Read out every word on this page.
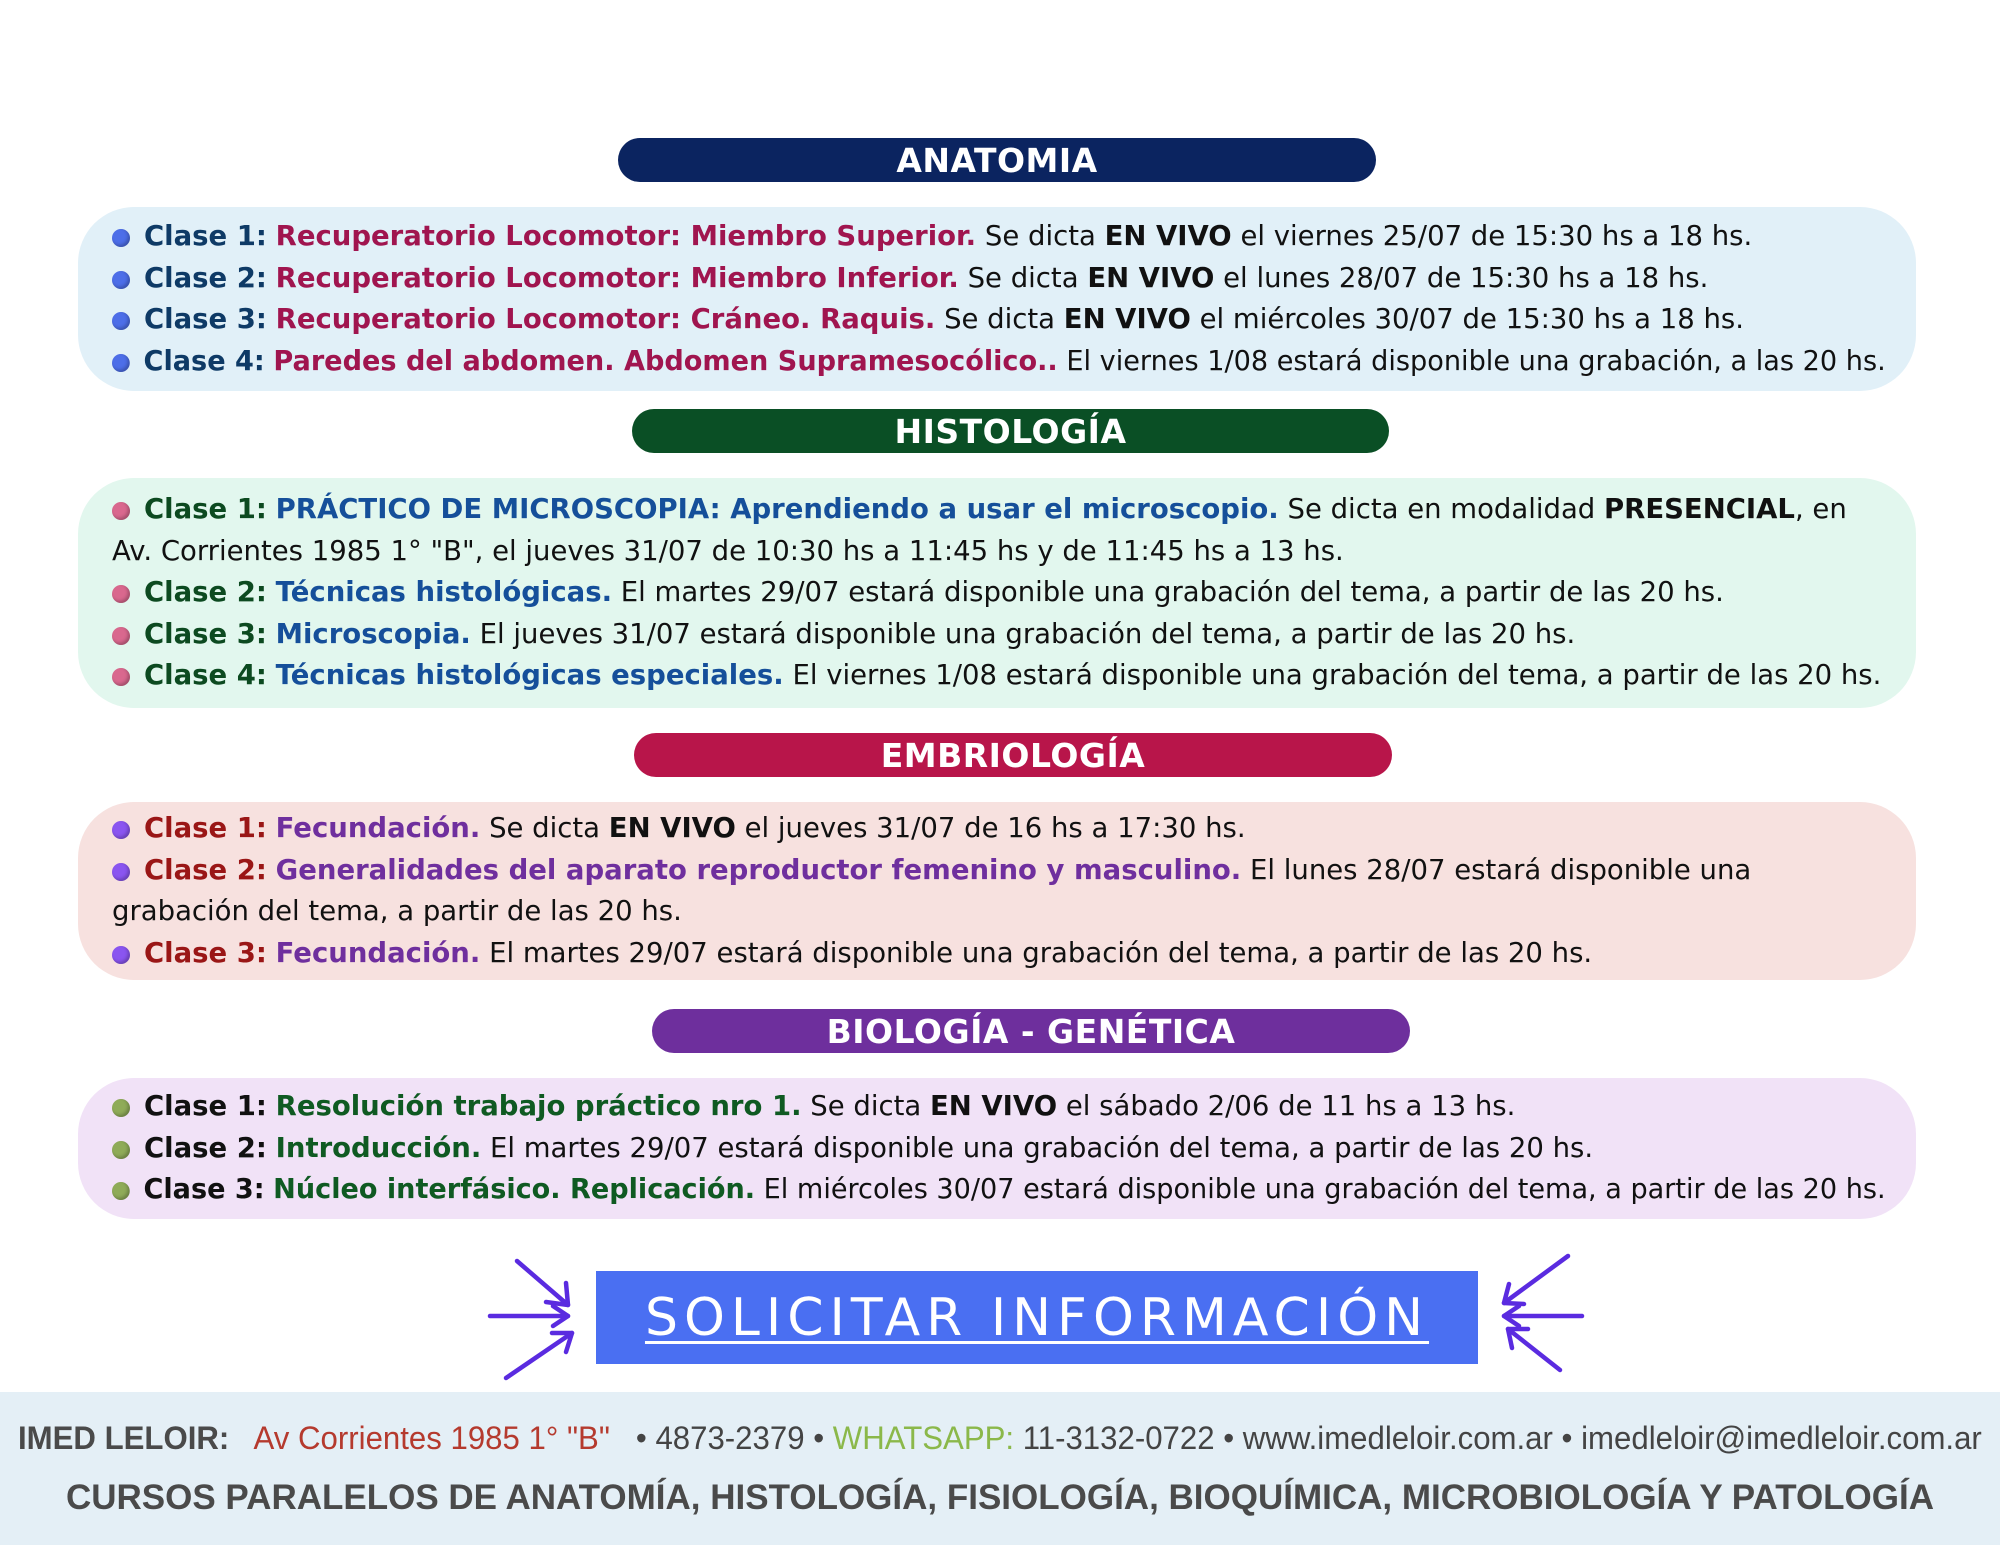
ANATOMIA
Clase 1: Recuperatorio Locomotor: Miembro Superior. Se dicta EN VIVO el viernes 25/07 de 15:30 hs a 18 hs.
Clase 2: Recuperatorio Locomotor: Miembro Inferior. Se dicta EN VIVO el lunes 28/07 de 15:30 hs a 18 hs.
Clase 3: Recuperatorio Locomotor: Cráneo. Raquis. Se dicta EN VIVO el miércoles 30/07 de 15:30 hs a 18 hs.
Clase 4: Paredes del abdomen. Abdomen Supramesocólico.. El viernes 1/08 estará disponible una grabación, a las 20 hs.
HISTOLOGÍA
Clase 1: PRÁCTICO DE MICROSCOPIA: Aprendiendo a usar el microscopio. Se dicta en modalidad PRESENCIAL, en Av. Corrientes 1985 1° "B", el jueves 31/07 de 10:30 hs a 11:45 hs y de 11:45 hs a 13 hs.
Clase 2: Técnicas histológicas. El martes 29/07 estará disponible una grabación del tema, a partir de las 20 hs.
Clase 3: Microscopia. El jueves 31/07 estará disponible una grabación del tema, a partir de las 20 hs.
Clase 4: Técnicas histológicas especiales. El viernes 1/08 estará disponible una grabación del tema, a partir de las 20 hs.
EMBRIOLOGÍA
Clase 1: Fecundación. Se dicta EN VIVO el jueves 31/07 de 16 hs a 17:30 hs.
Clase 2: Generalidades del aparato reproductor femenino y masculino. El lunes 28/07 estará disponible una grabación del tema, a partir de las 20 hs.
Clase 3: Fecundación. El martes 29/07 estará disponible una grabación del tema, a partir de las 20 hs.
BIOLOGÍA - GENÉTICA
Clase 1: Resolución trabajo práctico nro 1. Se dicta EN VIVO el sábado 2/06 de 11 hs a 13 hs.
Clase 2: Introducción. El martes 29/07 estará disponible una grabación del tema, a partir de las 20 hs.
Clase 3: Núcleo interfásico. Replicación. El miércoles 30/07 estará disponible una grabación del tema, a partir de las 20 hs.
SOLICITAR INFORMACIÓN
IMED LELOIR: Av Corrientes 1985 1° "B" • 4873-2379 • WHATSAPP: 11-3132-0722 • www.imedleloir.com.ar • imedleloir@imedleloir.com.ar
CURSOS PARALELOS DE ANATOMÍA, HISTOLOGÍA, FISIOLOGÍA, BIOQUÍMICA, MICROBIOLOGÍA Y PATOLOGÍA
